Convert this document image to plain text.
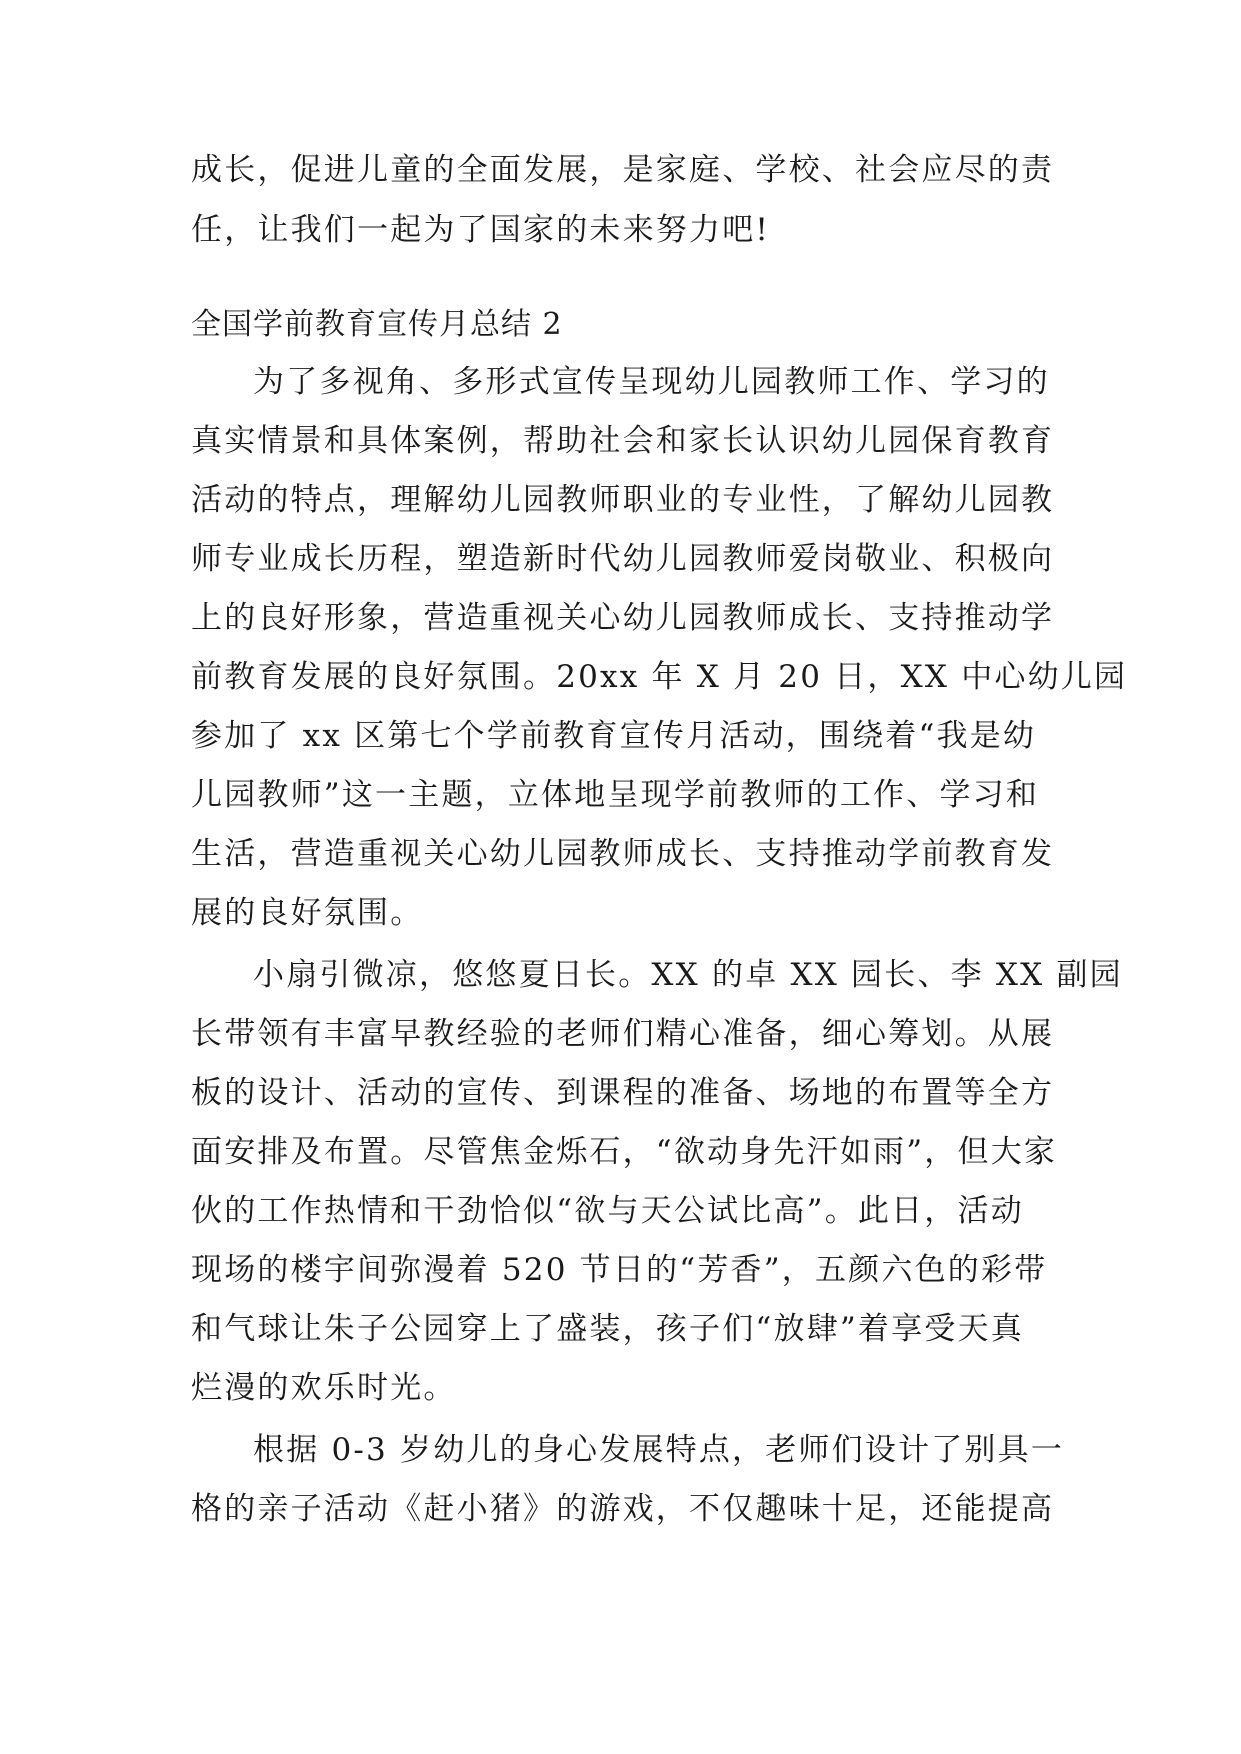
成长，促进儿童的全面发展，是家庭、学校、社会应尽的责
任，让我们一起为了国家的未来努力吧!
全国学前教育宣传月总结 2
为了多视角、多形式宣传呈现幼儿园教师工作、学习的
真实情景和具体案例，帮助社会和家长认识幼儿园保育教育
活动的特点，理解幼儿园教师职业的专业性，了解幼儿园教
师专业成长历程，塑造新时代幼儿园教师爱岗敬业、积极向
上的良好形象，营造重视关心幼儿园教师成长、支持推动学
前教育发展的良好氛围。20xx 年 X 月 20 日，XX 中心幼儿园
参加了 xx 区第七个学前教育宣传月活动，围绕着“我是幼
儿园教师”这一主题，立体地呈现学前教师的工作、学习和
生活，营造重视关心幼儿园教师成长、支持推动学前教育发
展的良好氛围。
小扇引微凉，悠悠夏日长。XX 的卓 XX 园长、李 XX 副园
长带领有丰富早教经验的老师们精心准备，细心筹划。从展
板的设计、活动的宣传、到课程的准备、场地的布置等全方
面安排及布置。尽管焦金烁石，“欲动身先汗如雨”，但大家
伙的工作热情和干劲恰似“欲与天公试比高”。此日，活动
现场的楼宇间弥漫着 520 节日的“芳香”，五颜六色的彩带
和气球让朱子公园穿上了盛装，孩子们“放肆”着享受天真
烂漫的欢乐时光。
根据 0-3 岁幼儿的身心发展特点，老师们设计了别具一
格的亲子活动《赶小猪》的游戏，不仅趣味十足，还能提高
